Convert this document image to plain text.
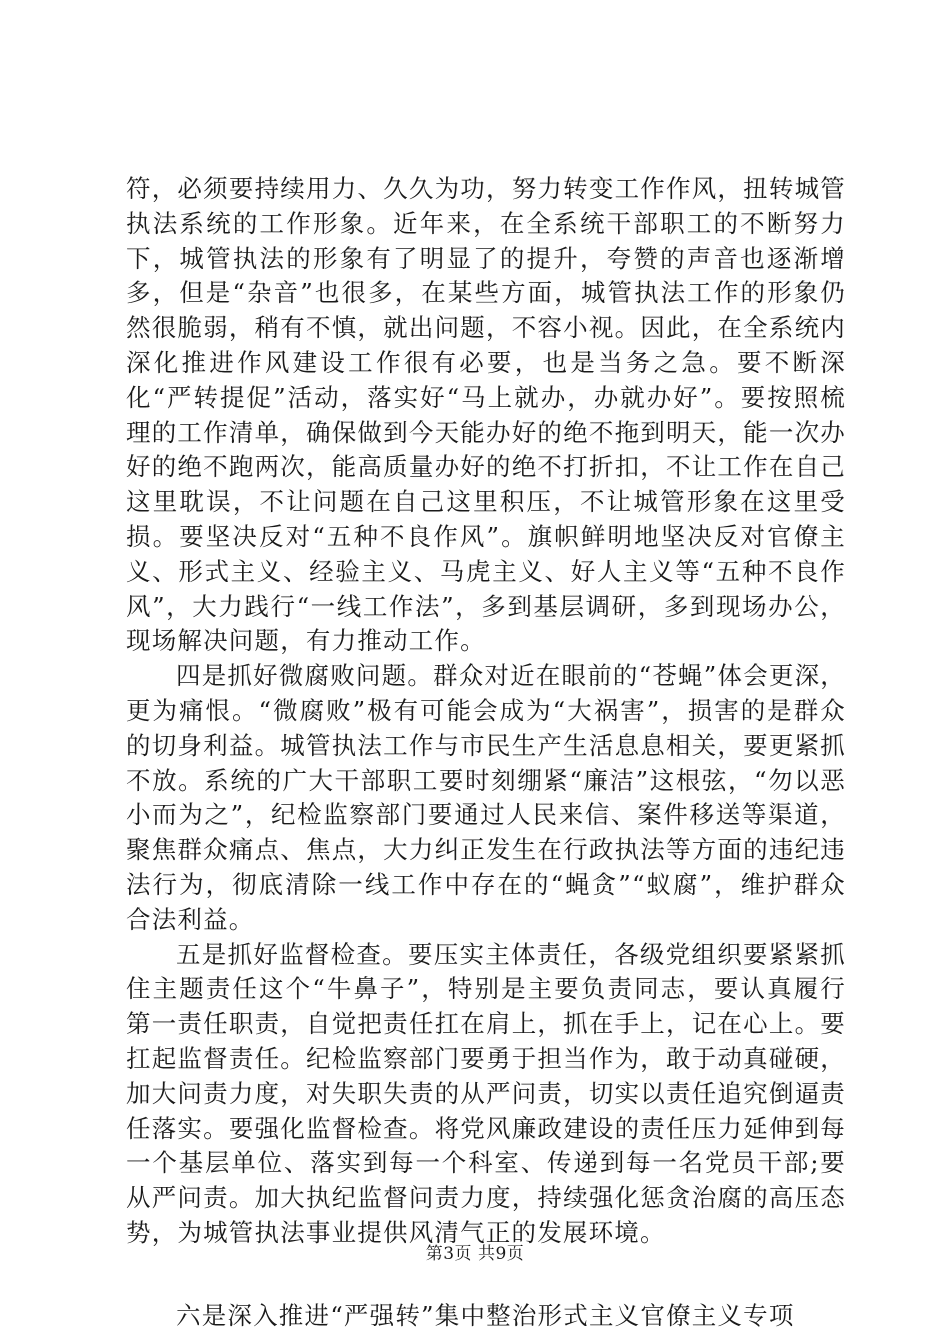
符，必须要持续用力、久久为功，努力转变工作作风，扭转城管执法系统的工作形象。近年来，在全系统干部职工的不断努力下，城管执法的形象有了明显了的提升，夸赞的声音也逐渐增多，但是“杂音”也很多，在某些方面，城管执法工作的形象仍然很脆弱，稍有不慎，就出问题，不容小视。因此，在全系统内深化推进作风建设工作很有必要，也是当务之急。要不断深化“严转提促”活动，落实好“马上就办，办就办好”。要按照梳理的工作清单，确保做到今天能办好的绝不拖到明天，能一次办好的绝不跑两次，能高质量办好的绝不打折扣，不让工作在自己这里耽误，不让问题在自己这里积压，不让城管形象在这里受损。要坚决反对“五种不良作风”。旗帜鲜明地坚决反对官僚主义、形式主义、经验主义、马虎主义、好人主义等“五种不良作风”，大力践行“一线工作法”，多到基层调研，多到现场办公，现场解决问题，有力推动工作。

四是抓好微腐败问题。群众对近在眼前的“苍蝇”体会更深，更为痛恨。“微腐败”极有可能会成为“大祸害”，损害的是群众的切身利益。城管执法工作与市民生产生活息息相关，要更紧抓不放。系统的广大干部职工要时刻绷紧“廉洁”这根弦，“勿以恶小而为之”，纪检监察部门要通过人民来信、案件移送等渠道，聚焦群众痛点、焦点，大力纠正发生在行政执法等方面的违纪违法行为，彻底清除一线工作中存在的“蝇贪”“蚁腐”，维护群众合法利益。

五是抓好监督检查。要压实主体责任，各级党组织要紧紧抓住主题责任这个“牛鼻子”，特别是主要负责同志，要认真履行第一责任职责，自觉把责任扛在肩上，抓在手上，记在心上。要扛起监督责任。纪检监察部门要勇于担当作为，敢于动真碰硬，加大问责力度，对失职失责的从严问责，切实以责任追究倒逼责任落实。要强化监督检查。将党风廉政建设的责任压力延伸到每一个基层单位、落实到每一个科室、传递到每一名党员干部;要从严问责。加大执纪监督问责力度，持续强化惩贪治腐的高压态势，为城管执法事业提供风清气正的发展环境。

六是深入推进“严强转”集中整治形式主义官僚主义专项

第3页 共9页
